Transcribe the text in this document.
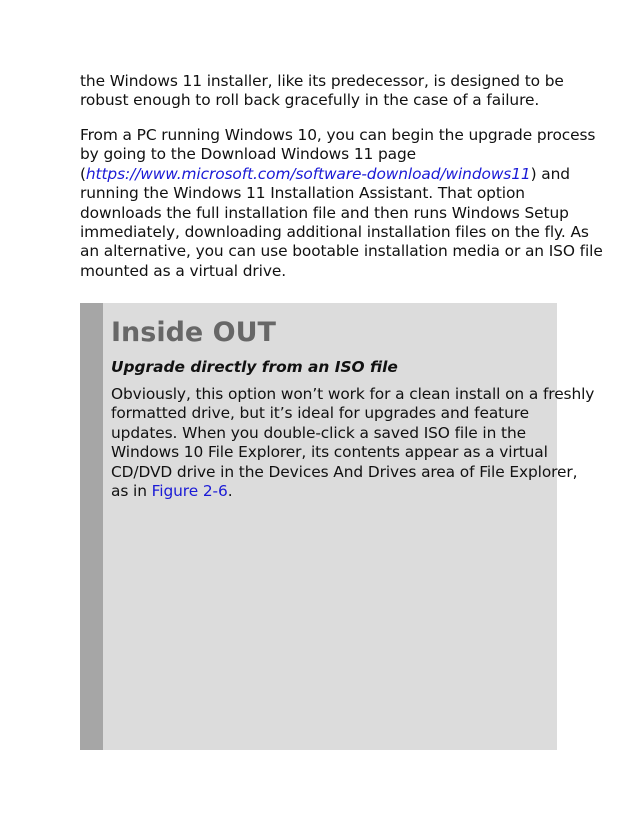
the Windows 11 installer, like its predecessor, is designed to be
robust enough to roll back gracefully in the case of a failure.

From a PC running Windows 10, you can begin the upgrade process
by going to the Download Windows 11 page
(https://www.microsoft.com/software-download/windows11) and
running the Windows 11 Installation Assistant. That option
downloads the full installation file and then runs Windows Setup
immediately, downloading additional installation files on the fly. As
an alternative, you can use bootable installation media or an ISO file
mounted as a virtual drive.

Inside OUT
Upgrade directly from an ISO file

Obviously, this option won’t work for a clean install on a freshly
formatted drive, but it’s ideal for upgrades and feature
updates. When you double-click a saved ISO file in the
Windows 10 File Explorer, its contents appear as a virtual
CD/DVD drive in the Devices And Drives area of File Explorer,
as in Figure 2-6.
